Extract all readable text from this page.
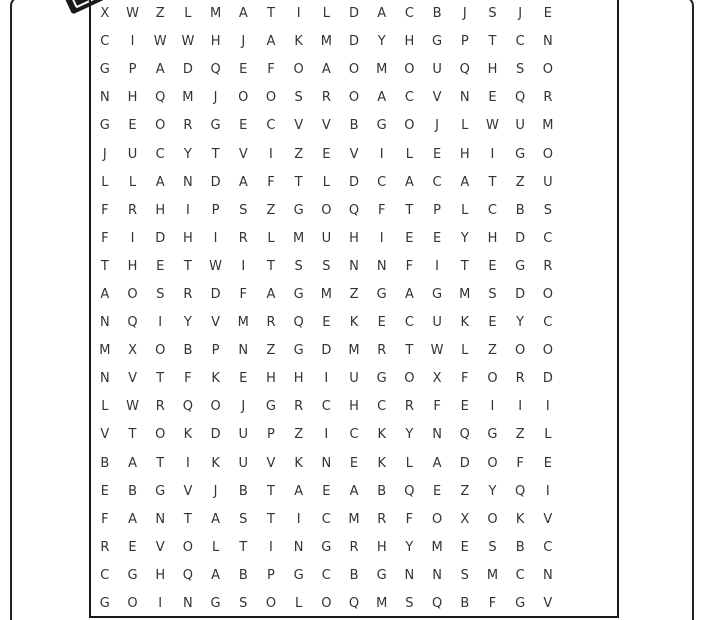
X	W	Z	L	M	A	T	I	L	D	A	C	B	J	S	J	E
C	I	W	W	H	J	A	K	M	D	Y	H	G	P	T	C	N
G	P	A	D	Q	E	F	O	A	O	M	O	U	Q	H	S	O
N	H	Q	M	J	O	O	S	R	O	A	C	V	N	E	Q	R
G	E	O	R	G	E	C	V	V	B	G	O	J	L	W	U	M
J	U	C	Y	T	V	I	Z	E	V	I	L	E	H	I	G	O
L	L	A	N	D	A	F	T	L	D	C	A	C	A	T	Z	U
F	R	H	I	P	S	Z	G	O	Q	F	T	P	L	C	B	S
F	I	D	H	I	R	L	M	U	H	I	E	E	Y	H	D	C
T	H	E	T	W	I	T	S	S	N	N	F	I	T	E	G	R
A	O	S	R	D	F	A	G	M	Z	G	A	G	M	S	D	O
N	Q	I	Y	V	M	R	Q	E	K	E	C	U	K	E	Y	C
M	X	O	B	P	N	Z	G	D	M	R	T	W	L	Z	O	O
N	V	T	F	K	E	H	H	I	U	G	O	X	F	O	R	D
L	W	R	Q	O	J	G	R	C	H	C	R	F	E	I	I	I
V	T	O	K	D	U	P	Z	I	C	K	Y	N	Q	G	Z	L
B	A	T	I	K	U	V	K	N	E	K	L	A	D	O	F	E
E	B	G	V	J	B	T	A	E	A	B	Q	E	Z	Y	Q	I
F	A	N	T	A	S	T	I	C	M	R	F	O	X	O	K	V
R	E	V	O	L	T	I	N	G	R	H	Y	M	E	S	B	C
C	G	H	Q	A	B	P	G	C	B	G	N	N	S	M	C	N
G	O	I	N	G	S	O	L	O	Q	M	S	Q	B	F	G	V
